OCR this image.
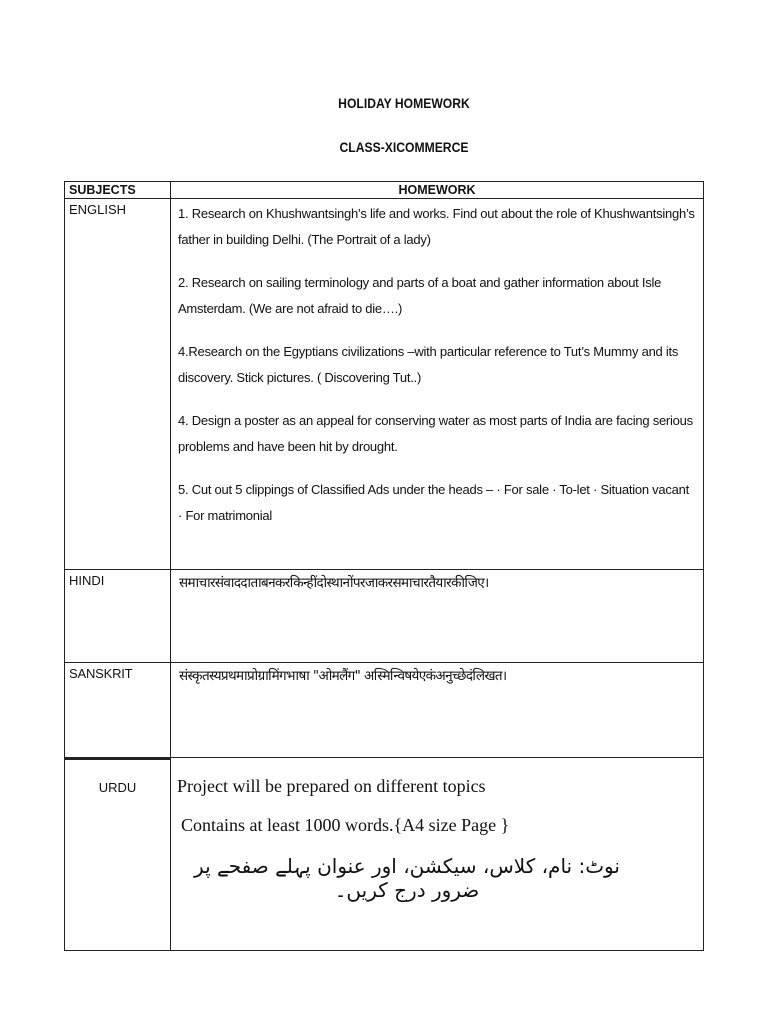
HOLIDAY HOMEWORK
CLASS-XICOMMERCE
SUBJECTS	HOMEWORK
ENGLISH	1. Research on Khushwantsingh’s life and works. Find out about the role of Khushwantsingh’s father in building Delhi. (The Portrait of a lady)

2. Research on sailing terminology and parts of a boat and gather information about Isle Amsterdam. (We are not afraid to die….)

4.Research on the Egyptians civilizations –with particular reference to Tut’s Mummy and its discovery. Stick pictures. ( Discovering Tut..)

4. Design a poster as an appeal for conserving water as most parts of India are facing serious problems and have been hit by drought.

5. Cut out 5 clippings of Classified Ads under the heads – · For sale · To-let · Situation vacant · For matrimonial

HINDI	समाचारसंवाददाताबनकरकिन्हींदोस्थानोंपरजाकरसमाचारतैयारकीजिए।
SANSKRIT	संस्कृतस्यप्रथमाप्रोग्रामिंगभाषा "ओमलैंग" अस्मिन्विषयेएकंअनुच्छेदंलिखत।

URDU	Project will be prepared on different topics
Contains at least 1000 words.{A4 size Page }
نوٹ: نام، کلاس، سیکشن، اور عنوان پہلے صفحے پر ضرور درج کریں۔
